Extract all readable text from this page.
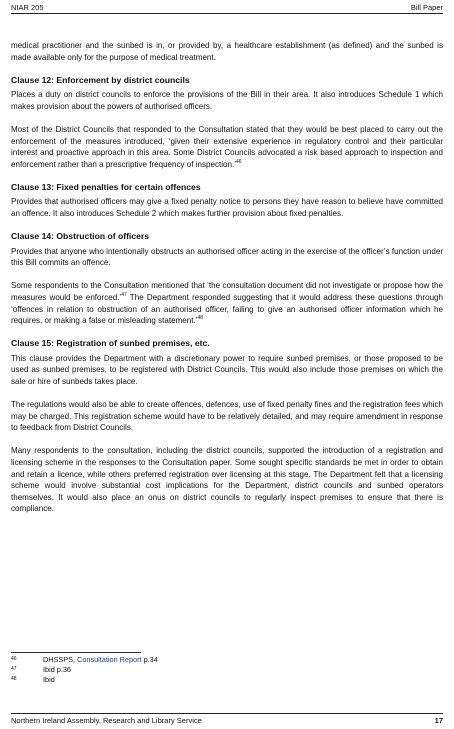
NIAR 205	Bill Paper

medical practitioner and the sunbed is in, or provided by, a healthcare establishment (as defined) and the sunbed is made available only for the purpose of medical treatment.

Clause 12: Enforcement by district councils

Places a duty on district councils to enforce the provisions of the Bill in their area. It also introduces Schedule 1 which makes provision about the powers of authorised officers.

Most of the District Councils that responded to the Consultation stated that they would be best placed to carry out the enforcement of the measures introduced, ‘given their extensive experience in regulatory control and their particular interest and proactive approach in this area. Some District Councils advocated a risk based approach to inspection and enforcement rather than a prescriptive frequency of inspection.’$^{46}$

Clause 13: Fixed penalties for certain offences

Provides that authorised officers may give a fixed penalty notice to persons they have reason to believe have committed an offence. It also introduces Schedule 2 which makes further provision about fixed penalties.

Clause 14: Obstruction of officers

Provides that anyone who intentionally obstructs an authorised officer acting in the exercise of the officer’s function under this Bill commits an offence.

Some respondents to the Consultation mentioned that ‘the consultation document did not investigate or propose how the measures would be enforced.’$^{47}$ The Department responded suggesting that it would address these questions through ‘offences in relation to obstruction of an authorised officer, failing to give an authorised officer information which he requires, or making a false or misleading statement.’$^{48}$

Clause 15: Registration of sunbed premises, etc.

This clause provides the Department with a discretionary power to require sunbed premises, or those proposed to be used as sunbed premises, to be registered with District Councils. This would also include those premises on which the sale or hire of sunbeds takes place.

The regulations would also be able to create offences, defences, use of fixed penalty fines and the registration fees which may be charged. This registration scheme would have to be relatively detailed, and may require amendment in response to feedback from District Councils.

Many respondents to the consultation, including the district councils, supported the introduction of a registration and licensing scheme in the responses to the Consultation paper. Some sought specific standards be met in order to obtain and retain a licence, while others preferred registration over licensing at this stage. The Department felt that a licensing scheme would involve substantial cost implications for the Department, district councils and sunbed operators themselves. It would also place an onus on district councils to regularly inspect premises to ensure that there is compliance.

46	DHSSPS, Consultation Report p.34
47	Ibid p.36
48	Ibid
Northern Ireland Assembly, Research and Library Service	17
